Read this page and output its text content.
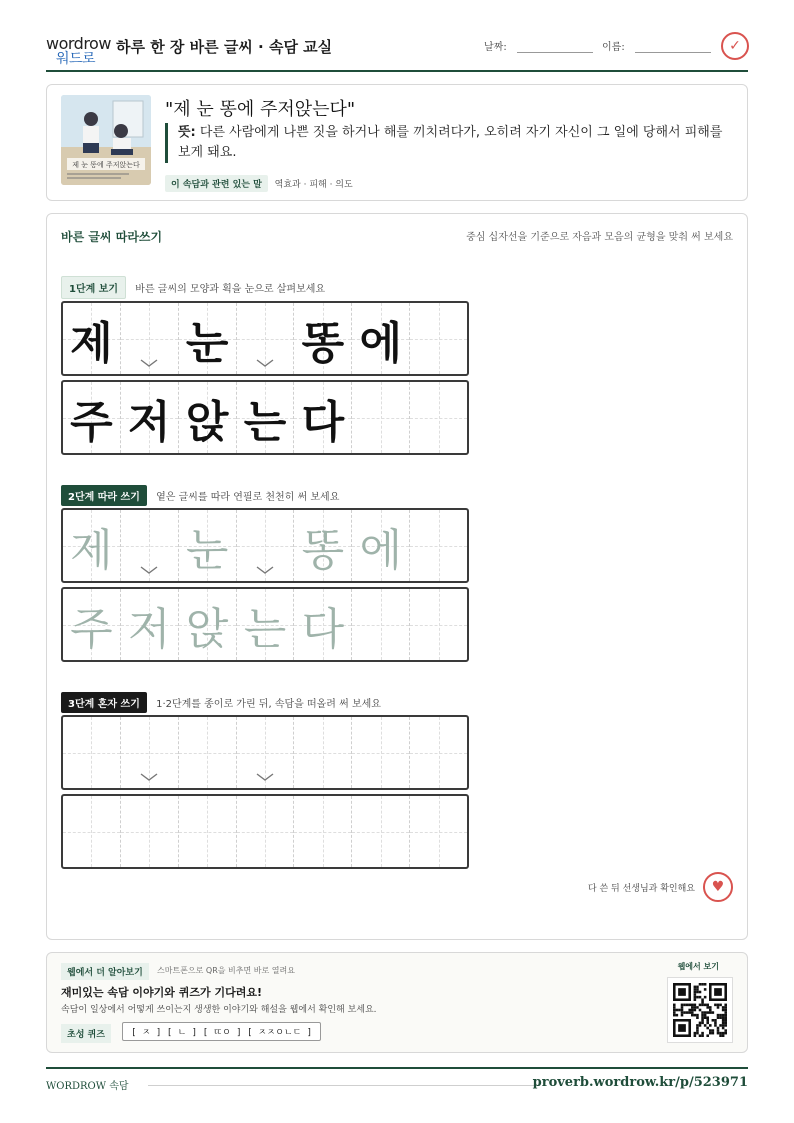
wordrow
워드로
하루 한 장 바른 글씨 · 속담 교실	날짜:	이름:	✓
제 눈 똥에 주저앉는다
"제 눈 똥에 주저앉는다"
뜻: 다른 사람에게 나쁜 짓을 하거나 해를 끼치려다가, 오히려 자기 자신이 그 일에 당해서 피해를 보게 돼요.
이 속담과 관련 있는 말 역효과 · 피해 · 의도
바른 글씨 따라쓰기	중심 십자선을 기준으로 자음과 모음의 균형을 맞춰 써 보세요
1단계 보기 바른 글씨의 모양과 획을 눈으로 살펴보세요
제 눈 똥 에
주 저 앉 는 다
2단계 따라 쓰기 옅은 글씨를 따라 연필로 천천히 써 보세요
제 눈 똥 에
주 저 앉 는 다
3단계 혼자 쓰기 1·2단계를 종이로 가린 뒤, 속담을 떠올려 써 보세요
다 쓴 뒤 선생님과 확인해요	♥
웹에서 더 알아보기	스마트폰으로 QR을 비추면 바로 열려요
재미있는 속담 이야기와 퀴즈가 기다려요!
속담이 일상에서 어떻게 쓰이는지 생생한 이야기와 해설을 웹에서 확인해 보세요.
초성 퀴즈	[ ㅈ ] [ ㄴ ] [ ㄸㅇ ] [ ㅈㅈㅇㄴㄷ ]
웹에서 보기
WORDROW 속담	proverb.wordrow.kr/p/523971
